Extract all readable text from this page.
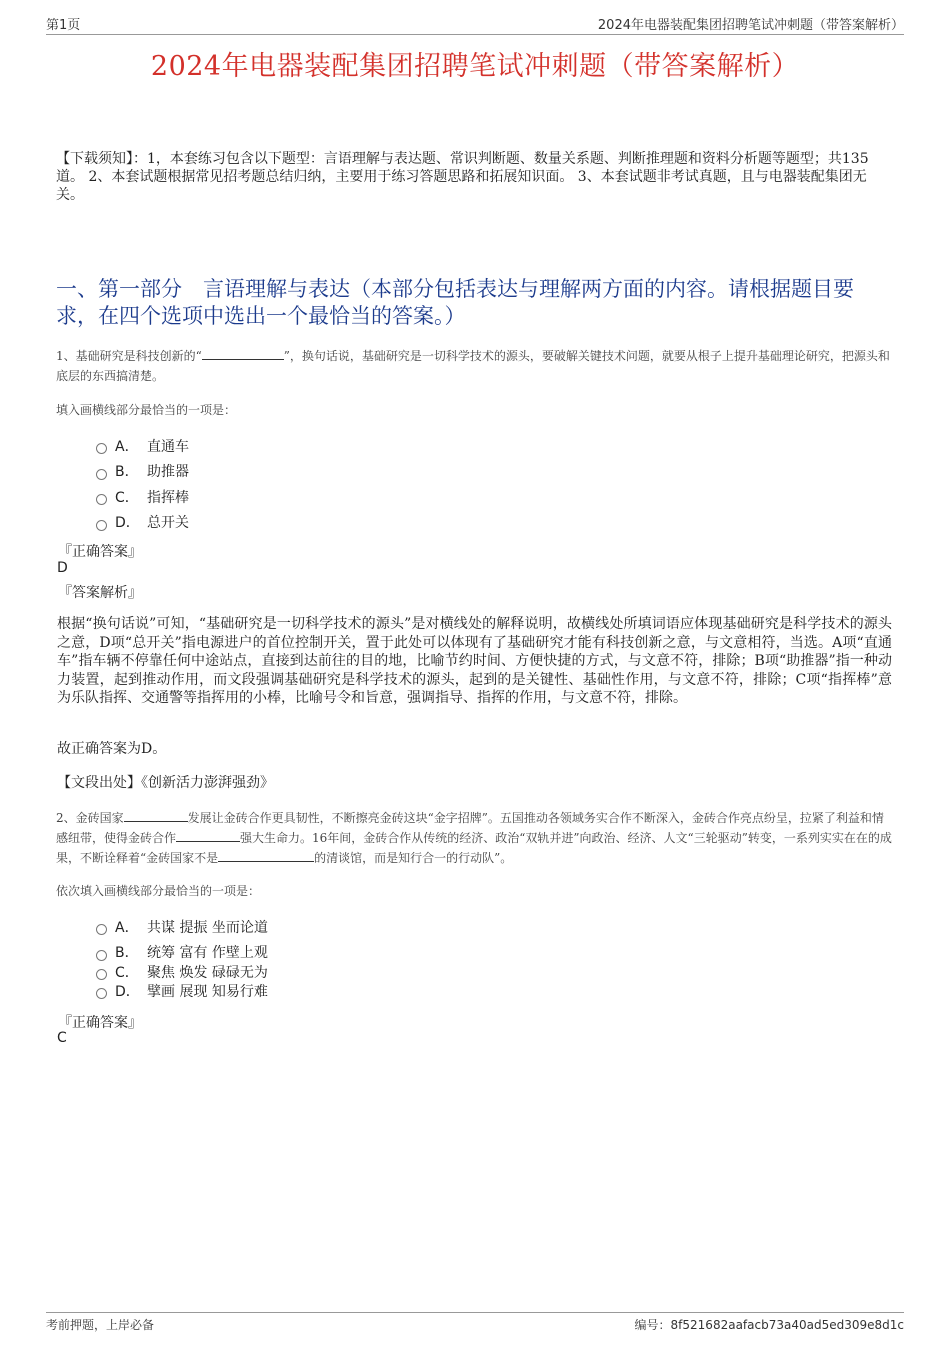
第1页	2024年电器装配集团招聘笔试冲刺题（带答案解析）
2024年电器装配集团招聘笔试冲刺题（带答案解析）
【下载须知】：1，本套练习包含以下题型：言语理解与表达题、常识判断题、数量关系题、判断推理题和资料分析题等题型；共135道。 2、本套试题根据常见招考题总结归纳，主要用于练习答题思路和拓展知识面。 3、本套试题非考试真题，且与电器装配集团无关。
一、第一部分　言语理解与表达（本部分包括表达与理解两方面的内容。请根据题目要求，在四个选项中选出一个最恰当的答案。）
1、基础研究是科技创新的“	”，换句话说，基础研究是一切科学技术的源头，要破解关键技术问题，就要从根子上提升基础理论研究，把源头和底层的东西搞清楚。
填入画横线部分最恰当的一项是：
A． 直通车
B． 助推器
C． 指挥棒
D． 总开关
『正确答案』
D
『答案解析』
根据“换句话说”可知，“基础研究是一切科学技术的源头”是对横线处的解释说明，故横线处所填词语应体现基础研究是科学技术的源头之意，D项“总开关”指电源进户的首位控制开关，置于此处可以体现有了基础研究才能有科技创新之意，与文意相符，当选。A项“直通车”指车辆不停靠任何中途站点，直接到达前往的目的地，比喻节约时间、方便快捷的方式，与文意不符，排除；B项“助推器”指一种动力装置，起到推动作用，而文段强调基础研究是科学技术的源头，起到的是关键性、基础性作用，与文意不符，排除；C项“指挥棒”意为乐队指挥、交通警等指挥用的小棒，比喻号令和旨意，强调指导、指挥的作用，与文意不符，排除。
故正确答案为D。
【文段出处】《创新活力澎湃强劲》
2、金砖国家	发展让金砖合作更具韧性，不断擦亮金砖这块“金字招牌”。五国推动各领域务实合作不断深入，金砖合作亮点纷呈，拉紧了利益和情感纽带，使得金砖合作	强大生命力。16年间，金砖合作从传统的经济、政治“双轨并进”向政治、经济、人文“三轮驱动”转变，一系列实实在在的成果，不断诠释着“金砖国家不是	的清谈馆，而是知行合一的行动队”。
依次填入画横线部分最恰当的一项是：
A． 共谋 提振 坐而论道
B． 统筹 富有 作壁上观
C． 聚焦 焕发 碌碌无为
D． 擘画 展现 知易行难
『正确答案』
C
考前押题，上岸必备	编号：8f521682aafacb73a40ad5ed309e8d1c
